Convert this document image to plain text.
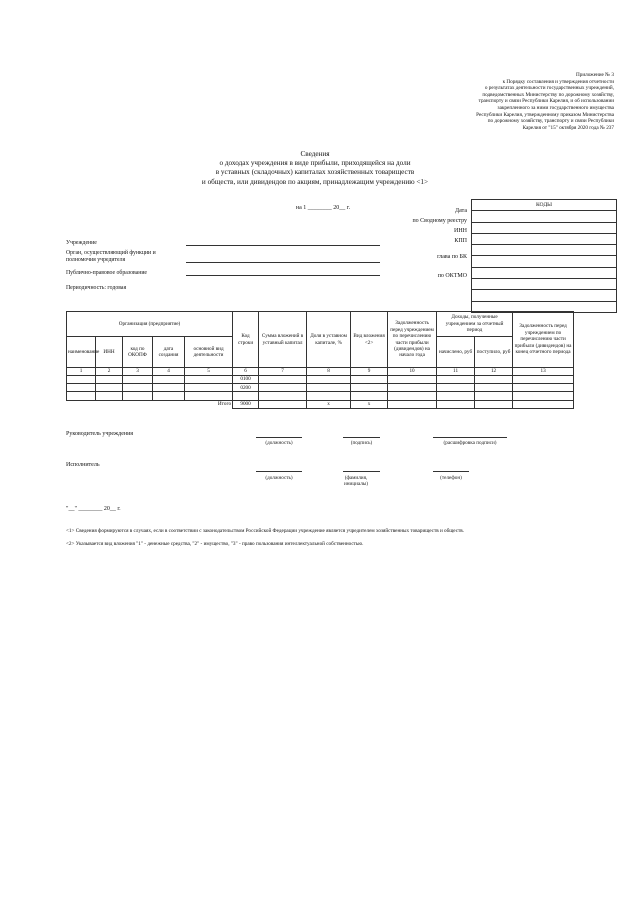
Приложение № 3
к Порядку составления и утверждения отчетности
о результатах деятельности государственных учреждений,
подведомственных Министерству по дорожному хозяйству,
транспорту и связи Республики Карелия, и об использовании
закрепленного за ними государственного имущества
Республики Карелия, утвержденному приказом Министерства
по дорожному хозяйству, транспорту и связи Республики
Карелия от "15" октября 2020 года № 237
Сведения
о доходах учреждения в виде прибыли, приходящейся на доли
в уставных (складочных) капиталах хозяйственных товариществ
и обществ, или дивидендов по акциям, принадлежащим учреждению <1>
на 1 ________ 20__ г.	Дата
по Сводному реестру
ИНН
КПП
глава по БК
по ОКТМО
КОДЫ

Учреждение
Орган, осуществляющий функции и
полномочия учредителя
Публично-правовое образование
Периодичность: годовая
Организация (предприятие)					Код строки	Сумма вложений в уставный капитал	Доля в уставном капитале, %	Вид вложения <2>	Задолженность перед учреждением по перечислению части прибыли (дивидендов) на начало года	Доходы, полученные учреждением за отчетный период		Задолженность перед учреждением по перечислению части прибыли (дивидендов) на конец отчетного периода
наименование	ИНН	код по ОКОПФ	дата создания	основной вид деятельности						начислено, руб	поступило, руб	
1	2	3	4	5	6	7	8	9	10	11	12	13
					0100							
					0200							

Итого					9000		х	х				
Руководитель учреждения
(должность)	(подпись)	(расшифровка подписи)
Исполнитель
(должность)	(фамилия, инициалы)
(телефон)
"__" ________ 20__ г.
<1> Сведения формируются в случаях, если в соответствии с законодательством Российской Федерации учреждение является учредителем хозяйственных товариществ и обществ.
<2> Указывается вид вложения "1" - денежные средства, "2" - имущество, "3" - право пользования интеллектуальной собственностью.
